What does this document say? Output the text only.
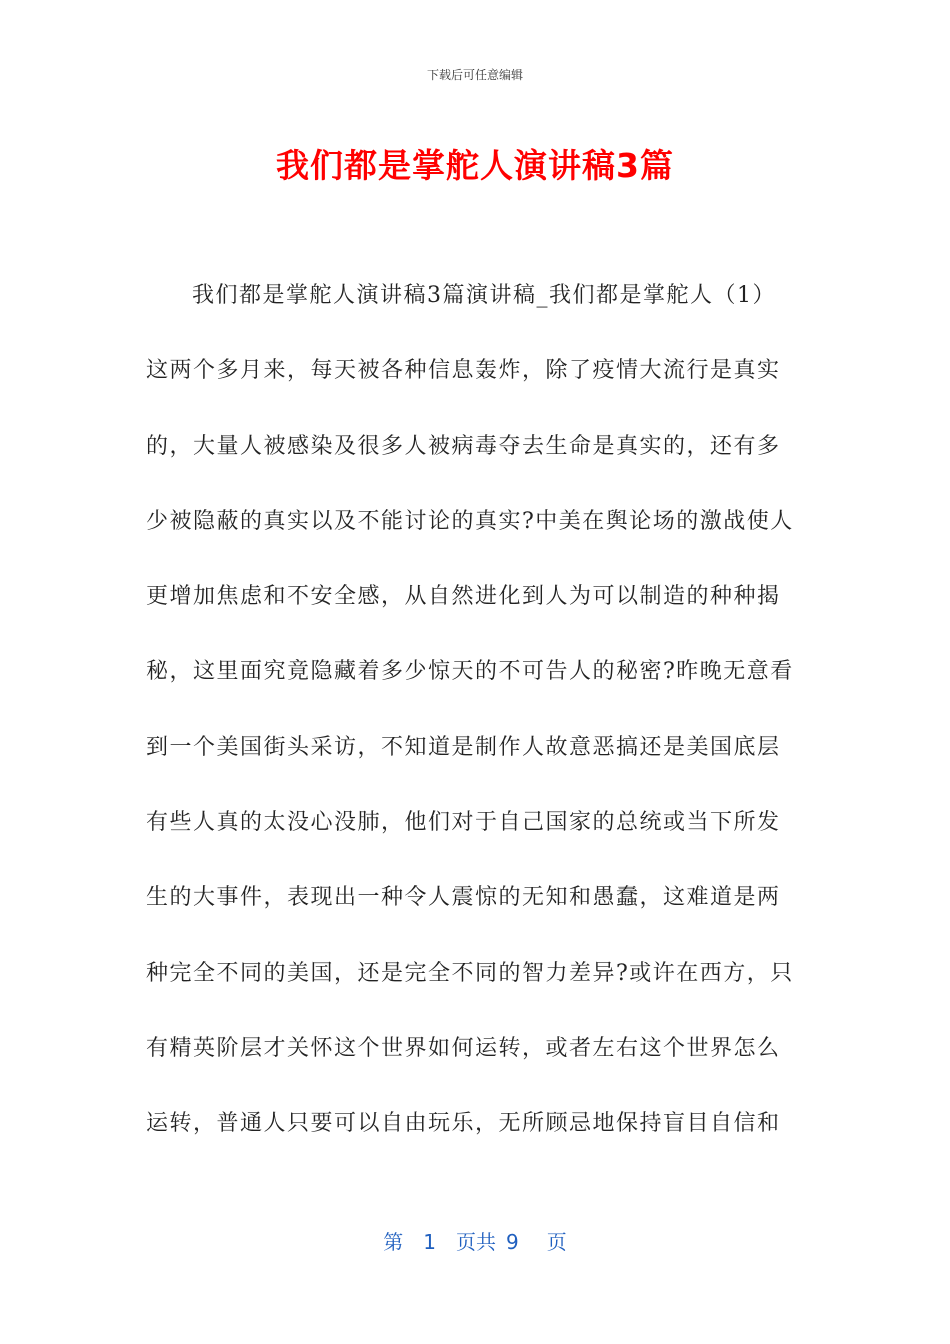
下载后可任意编辑
我们都是掌舵人演讲稿3篇
我们都是掌舵人演讲稿3篇演讲稿_我们都是掌舵人（1）
这两个多月来，每天被各种信息轰炸，除了疫情大流行是真实
的，大量人被感染及很多人被病毒夺去生命是真实的，还有多
少被隐蔽的真实以及不能讨论的真实?中美在舆论场的激战使人
更增加焦虑和不安全感，从自然进化到人为可以制造的种种揭
秘，这里面究竟隐藏着多少惊天的不可告人的秘密?昨晚无意看
到一个美国街头采访，不知道是制作人故意恶搞还是美国底层
有些人真的太没心没肺，他们对于自己国家的总统或当下所发
生的大事件，表现出一种令人震惊的无知和愚蠢，这难道是两
种完全不同的美国，还是完全不同的智力差异?或许在西方，只
有精英阶层才关怀这个世界如何运转，或者左右这个世界怎么
运转，普通人只要可以自由玩乐，无所顾忌地保持盲目自信和
第 1 页共 9 页
